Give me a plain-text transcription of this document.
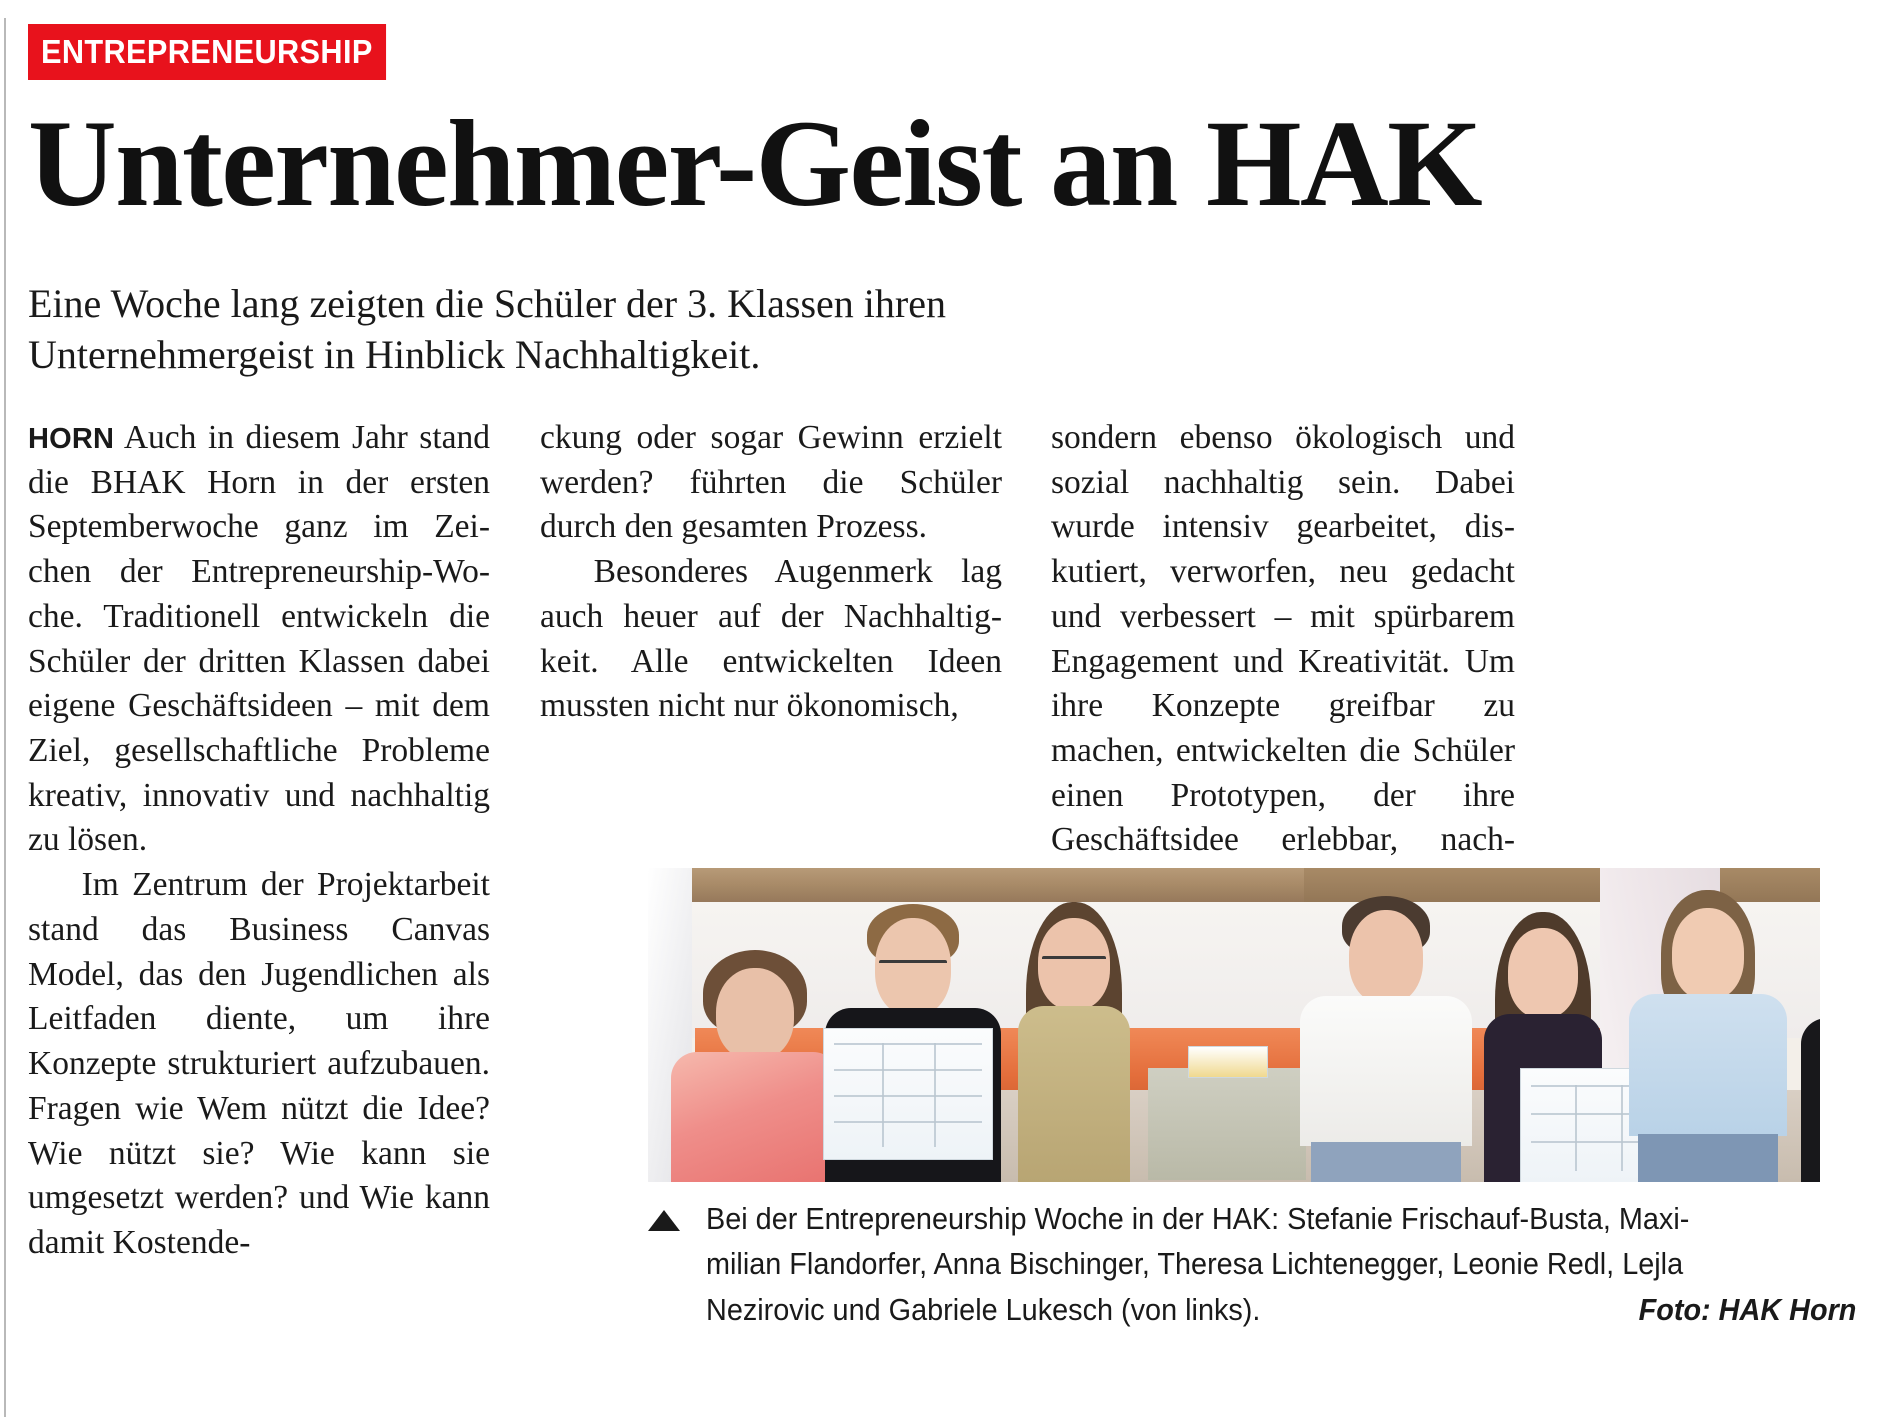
ENTREPRENEURSHIP
Unternehmer-Geist an HAK
Eine Woche lang zeigten die Schüler der 3. Klassen ihren Unternehmergeist in Hinblick Nachhaltigkeit.

HORN Auch in diesem Jahr stand die BHAK Horn in der ersten Septemberwoche ganz im Zeichen der Entrepreneurship-Woche. Traditionell entwickeln die Schüler der dritten Klassen dabei eigene Geschäftsideen – mit dem Ziel, gesellschaftliche Probleme kreativ, innovativ und nachhaltig zu lösen.

Im Zentrum der Projektarbeit stand das Business Canvas Model, das den Jugendlichen als Leitfaden diente, um ihre Konzepte strukturiert aufzubauen. Fragen wie Wem nützt die Idee? Wie nützt sie? Wie kann sie umgesetzt werden? und Wie kann damit Kostende-

ckung oder sogar Gewinn erzielt werden? führten die Schüler durch den gesamten Prozess.

Besonderes Augenmerk lag auch heuer auf der Nachhaltigkeit. Alle entwickelten Ideen mussten nicht nur ökonomisch,

sondern ebenso ökologisch und sozial nachhaltig sein. Dabei wurde intensiv gearbeitet, diskutiert, verworfen, neu gedacht und verbessert – mit spürbarem Engagement und Kreativität. Um ihre Konzepte greifbar zu machen, entwickelten die Schüler einen Prototypen, der ihre Geschäftsidee erlebbar, nach

Bei der Entrepreneurship Woche in der HAK: Stefanie Frischauf-Busta, Maxi-
milian Flandorfer, Anna Bischinger, Theresa Lichtenegger, Leonie Redl, Lejla
Nezirovic und Gabriele Lukesch (von links).	Foto: HAK Horn
